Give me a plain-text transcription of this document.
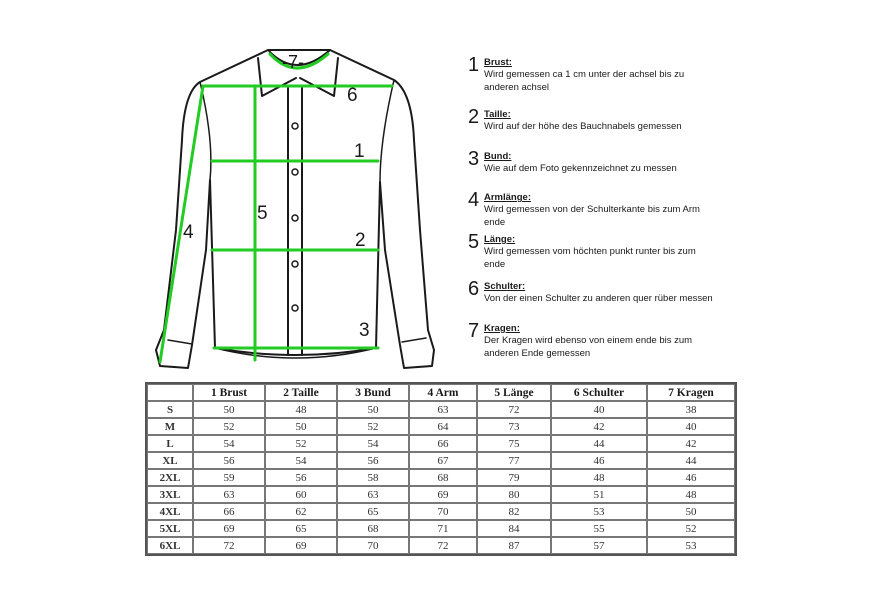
-7-
1
2
3
4
5
6
1 Brust:
Wird gemessen ca 1 cm unter der achsel bis zu anderen achsel
2 Taille:
Wird auf der höhe des Bauchnabels gemessen
3 Bund:
Wie auf dem Foto gekennzeichnet zu messen
4 Armlänge:
Wird gemessen von der Schulterkante bis zum Arm ende
5 Länge:
Wird gemessen vom höchten punkt runter bis zum ende
6 Schulter:
Von der einen Schulter zu anderen quer rüber messen
7 Kragen:
Der Kragen wird ebenso von einem ende bis zum anderen Ende gemessen
	1 Brust	2 Taille	3 Bund	4 Arm	5 Länge	6 Schulter	7 Kragen
S	50	48	50	63	72	40	38
M	52	50	52	64	73	42	40
L	54	52	54	66	75	44	42
XL	56	54	56	67	77	46	44
2XL	59	56	58	68	79	48	46
3XL	63	60	63	69	80	51	48
4XL	66	62	65	70	82	53	50
5XL	69	65	68	71	84	55	52
6XL	72	69	70	72	87	57	53
